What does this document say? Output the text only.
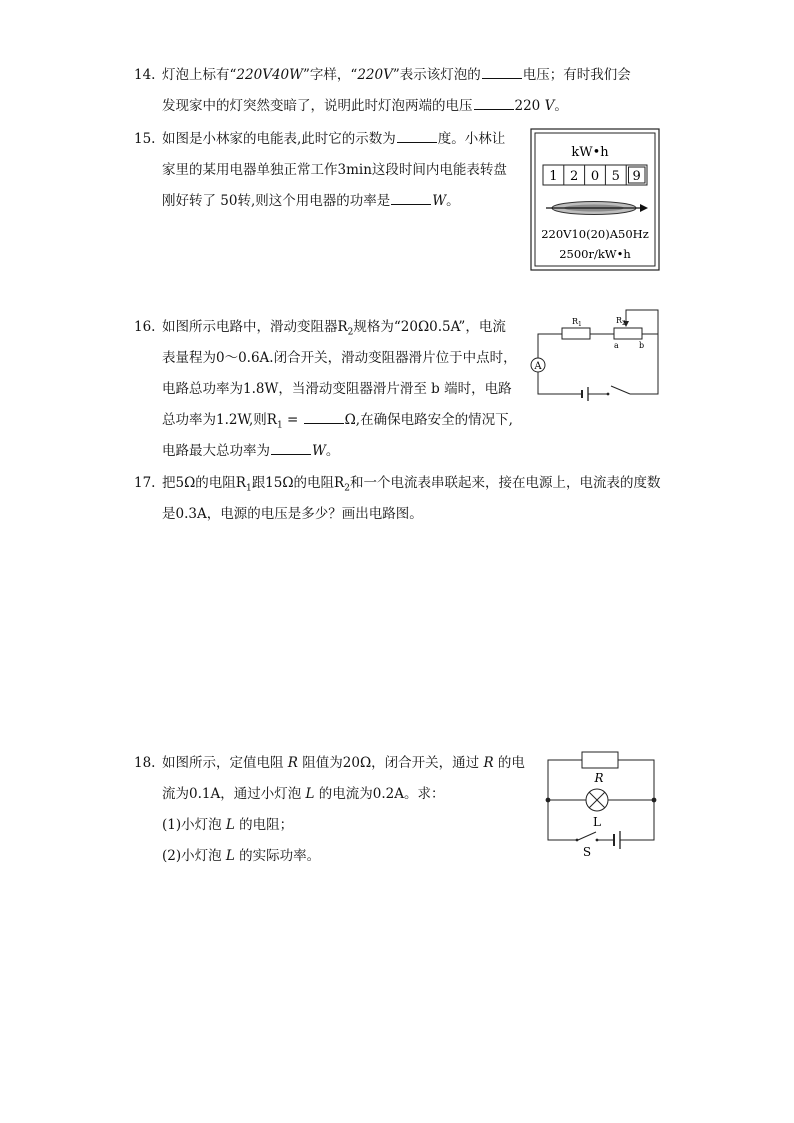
14. 灯泡上标有“220V40W”字样，“220V”表示该灯泡的	电压；有时我们会
发现家中的灯突然变暗了，说明此时灯泡两端的电压	220 V。
15. 如图是小林家的电能表,此时它的示数为	度。小林让
家里的某用电器单独正常工作3min这段时间内电能表转盘
刚好转了 50转,则这个用电器的功率是	W。
kW•h
1 2 0 5 9
220V10(20)A50Hz
2500r/kW•h
16. 如图所示电路中，滑动变阻器$R_2$规格为“20Ω0.5A”，电流
表量程为0～0.6A.闭合开关，滑动变阻器滑片位于中点时，
电路总功率为1.8W，当滑动变阻器滑片滑至 b 端时，电路
总功率为1.2W,则$R_1$ =	Ω,在确保电路安全的情况下,
电路最大总功率为	W。
A
$R_1$	$R_2$
a	b
17. 把5Ω的电阻$R_1$跟15Ω的电阻$R_2$和一个电流表串联起来，接在电源上，电流表的度数
是0.3A，电源的电压是多少？画出电路图。
18. 如图所示，定值电阻 R 阻值为20Ω，闭合开关，通过 R 的电
流为0.1A，通过小灯泡 L 的电流为0.2A。求：
(1)小灯泡 L 的电阻；
(2)小灯泡 L 的实际功率。
R
L
S
